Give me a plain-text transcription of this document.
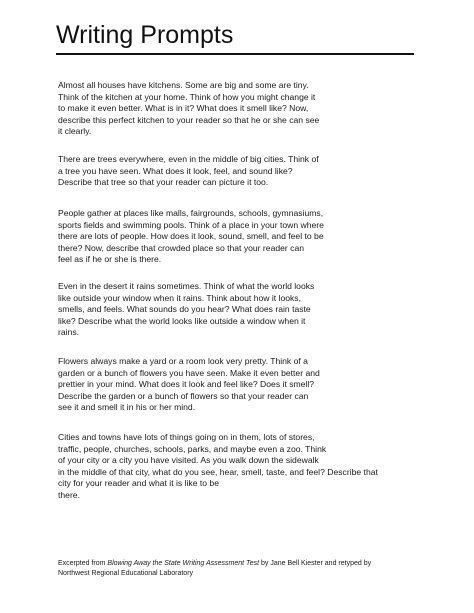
Writing Prompts
Almost all houses have kitchens. Some are big and some are tiny.
Think of the kitchen at your home. Think of how you might change it
to make it even better. What is in it? What does it smell like? Now,
describe this perfect kitchen to your reader so that he or she can see
it clearly.
There are trees everywhere, even in the middle of big cities. Think of
a tree you have seen. What does it look, feel, and sound like?
Describe that tree so that your reader can picture it too.
People gather at places like malls, fairgrounds, schools, gymnasiums,
sports fields and swimming pools. Think of a place in your town where
there are lots of people. How does it look, sound, smell, and feel to be
there? Now, describe that crowded place so that your reader can
feel as if he or she is there.
Even in the desert it rains sometimes. Think of what the world looks
like outside your window when it rains. Think about how it looks,
smells, and feels. What sounds do you hear? What does rain taste
like? Describe what the world looks like outside a window when it
rains.
Flowers always make a yard or a room look very pretty. Think of a
garden or a bunch of flowers you have seen. Make it even better and
prettier in your mind. What does it look and feel like? Does it smell?
Describe the garden or a bunch of flowers so that your reader can
see it and smell it in his or her mind.
Cities and towns have lots of things going on in them, lots of stores,
traffic, people, churches, schools, parks, and maybe even a zoo. Think
of your city or a city you have visited. As you walk down the sidewalk
in the middle of that city, what do you see, hear, smell, taste, and feel? Describe that
city for your reader and what it is like to be
there.
Excerpted from Blowing Away the State Writing Assessment Test by Jane Bell Kiester and retyped by
Northwest Regional Educational Laboratory
